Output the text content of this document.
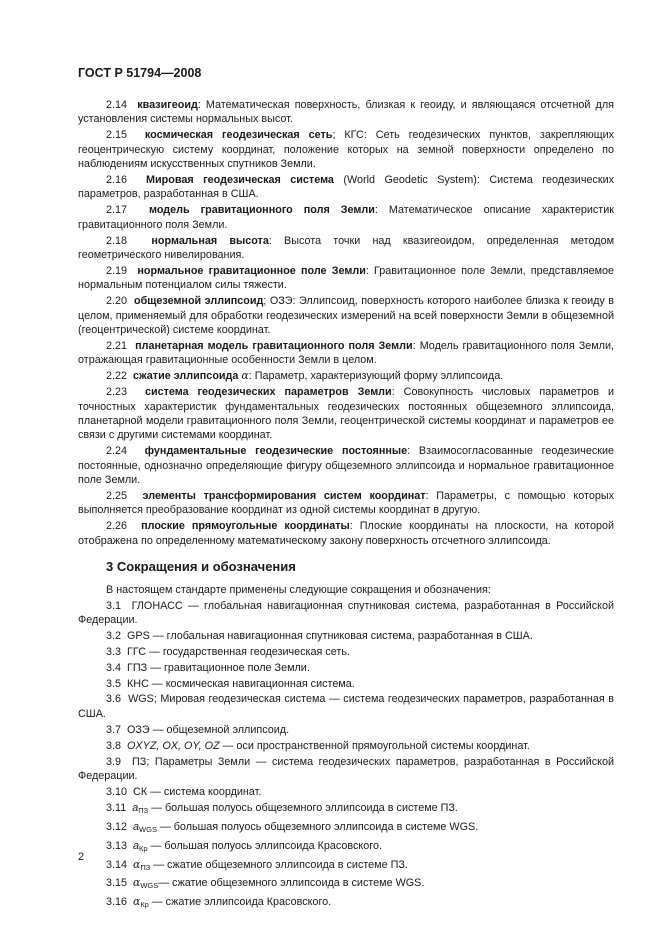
ГОСТ Р 51794—2008

2.14 квазигеоид: Математическая поверхность, близкая к геоиду, и являющаяся отсчетной для установления системы нормальных высот.

2.15 космическая геодезическая сеть; КГС: Сеть геодезических пунктов, закрепляющих геоцентрическую систему координат, положение которых на земной поверхности определено по наблюдениям искусственных спутников Земли.

2.16 Мировая геодезическая система (World Geodetic System): Система геодезических параметров, разработанная в США.

2.17 модель гравитационного поля Земли: Математическое описание характеристик гравитационного поля Земли.

2.18 нормальная высота: Высота точки над квазигеоидом, определенная методом геометрического нивелирования.

2.19 нормальное гравитационное поле Земли: Гравитационное поле Земли, представляемое нормальным потенциалом силы тяжести.

2.20 общеземной эллипсоид; ОЗЭ: Эллипсоид, поверхность которого наиболее близка к геоиду в целом, применяемый для обработки геодезических измерений на всей поверхности Земли в общеземной (геоцентрической) системе координат.

2.21 планетарная модель гравитационного поля Земли: Модель гравитационного поля Земли, отражающая гравитационные особенности Земли в целом.

2.22 сжатие эллипсоида α: Параметр, характеризующий форму эллипсоида.

2.23 система геодезических параметров Земли: Совокупность числовых параметров и точностных характеристик фундаментальных геодезических постоянных общеземного эллипсоида, планетарной модели гравитационного поля Земли, геоцентрической системы координат и параметров ее связи с другими системами координат.

2.24 фундаментальные геодезические постоянные: Взаимосогласованные геодезические постоянные, однозначно определяющие фигуру общеземного эллипсоида и нормальное гравитационное поле Земли.

2.25 элементы трансформирования систем координат: Параметры, с помощью которых выполняется преобразование координат из одной системы координат в другую.

2.26 плоские прямоугольные координаты: Плоские координаты на плоскости, на которой отображена по определенному математическому закону поверхность отсчетного эллипсоида.

3 Сокращения и обозначения

В настоящем стандарте применены следующие сокращения и обозначения:

3.1 ГЛОНАСС — глобальная навигационная спутниковая система, разработанная в Российской Федерации.

3.2 GPS — глобальная навигационная спутниковая система, разработанная в США.

3.3 ГГС — государственная геодезическая сеть.

3.4 ГПЗ — гравитационное поле Земли.

3.5 КНС — космическая навигационная система.

3.6 WGS; Мировая геодезическая система — система геодезических параметров, разработанная в США.

3.7 ОЗЭ — общеземной эллипсоид.

3.8 OXYZ, OX, OY, OZ — оси пространственной прямоугольной системы координат.

3.9 ПЗ; Параметры Земли — система геодезических параметров, разработанная в Российской Федерации.

3.10 СК — система координат.

3.11 $a_{ПЗ}$ — большая полуось общеземного эллипсоида в системе ПЗ.

3.12 $a_{WGS}$ — большая полуось общеземного эллипсоида в системе WGS.

3.13 $a_{Кр}$ — большая полуось эллипсоида Красовского.

3.14 $\alpha_{ПЗ}$ — сжатие общеземного эллипсоида в системе ПЗ.

3.15 $\alpha_{WGS}—$ сжатие общеземного эллипсоида в системе WGS.

3.16 $\alpha_{Кр}$ — сжатие эллипсоида Красовского.

2
